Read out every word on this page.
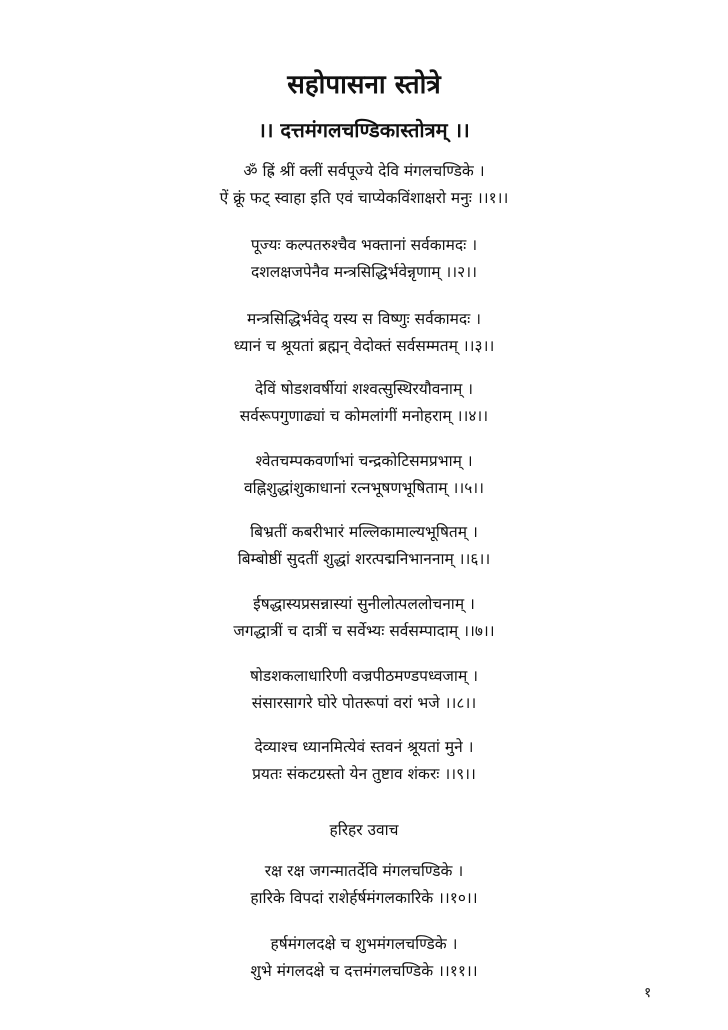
सहोपासना स्तोत्रे
।। दत्तमंगलचण्डिकास्तोत्रम् ।।
ॐ ह्रिं श्रीं क्लीं सर्वपूज्ये देवि मंगलचण्डिके ।
ऐं क्रूं फट् स्वाहा इति एवं चाप्येकविंशाक्षरो मनुः ।।१।।
पूज्यः कल्पतरुश्चैव भक्तानां सर्वकामदः ।
दशलक्षजपेनैव मन्त्रसिद्धिर्भवेन्नृणाम् ।।२।।
मन्त्रसिद्धिर्भवेद् यस्य स विष्णुः सर्वकामदः ।
ध्यानं च श्रूयतां ब्रह्मन् वेदोक्तं सर्वसम्मतम् ।।३।।
देविं षोडशवर्षीयां शश्वत्सुस्थिरयौवनाम् ।
सर्वरूपगुणाढ्यां च कोमलांगीं मनोहराम् ।।४।।
श्वेतचम्पकवर्णाभां चन्द्रकोटिसमप्रभाम् ।
वह्निशुद्धांशुकाधानां रत्नभूषणभूषिताम् ।।५।।
बिभ्रतीं कबरीभारं मल्लिकामाल्यभूषितम् ।
बिम्बोष्ठीं सुदतीं शुद्धां शरत्पद्मनिभाननाम् ।।६।।
ईषद्धास्यप्रसन्नास्यां सुनीलोत्पललोचनाम् ।
जगद्धात्रीं च दात्रीं च सर्वेभ्यः सर्वसम्पादाम् ।।७।।
षोडशकलाधारिणी वज्रपीठमण्डपध्वजाम् ।
संसारसागरे घोरे पोतरूपां वरां भजे ।।८।।
देव्याश्च ध्यानमित्येवं स्तवनं श्रूयतां मुने ।
प्रयतः संकटग्रस्तो येन तुष्टाव शंकरः ।।९।।
हरिहर उवाच
रक्ष रक्ष जगन्मातर्देवि मंगलचण्डिके ।
हारिके विपदां राशेर्हर्षमंगलकारिके ।।१०।।
हर्षमंगलदक्षे च शुभमंगलचण्डिके ।
शुभे मंगलदक्षे च दत्तमंगलचण्डिके ।।११।।
१
